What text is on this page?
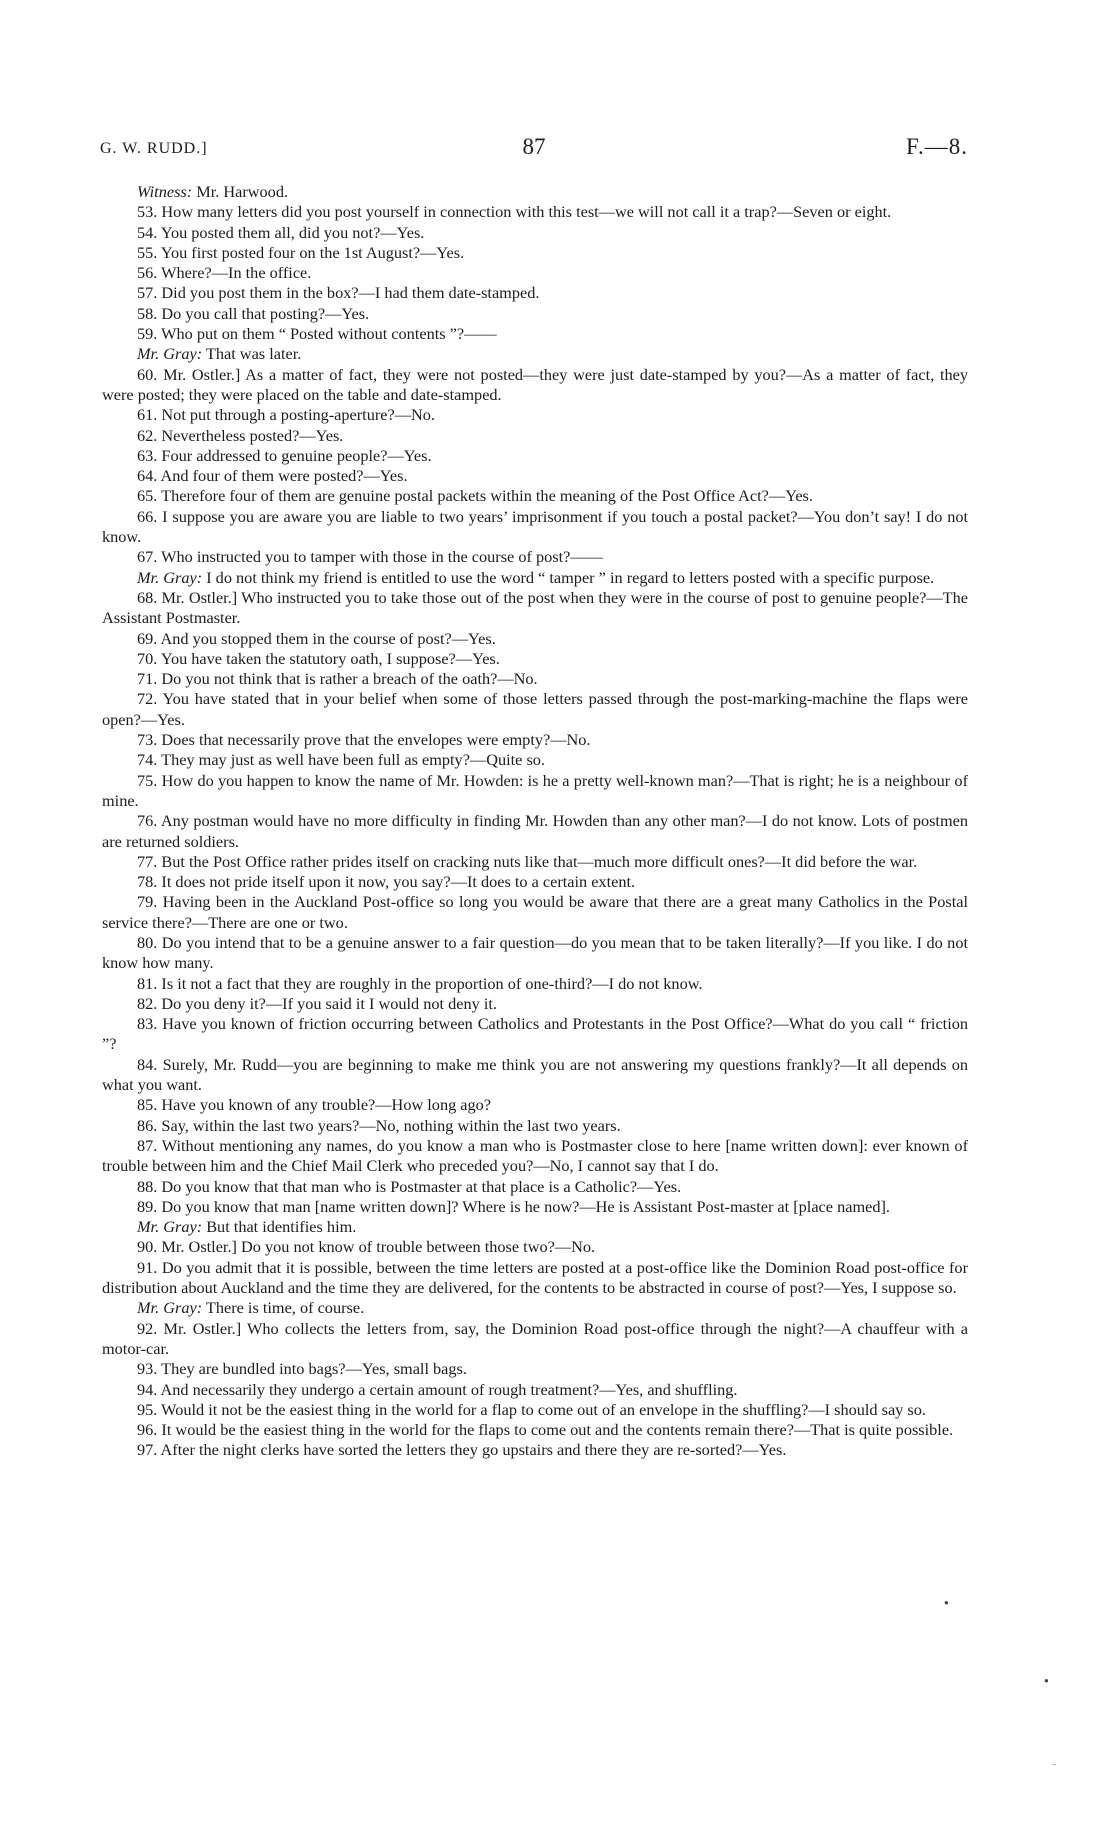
G. W. RUDD.]	87	F.—8.

Witness: Mr. Harwood.

53. How many letters did you post yourself in connection with this test—we will not call it a trap?—Seven or eight.

54. You posted them all, did you not?—Yes.

55. You first posted four on the 1st August?—Yes.

56. Where?—In the office.

57. Did you post them in the box?—I had them date-stamped.

58. Do you call that posting?—Yes.

59. Who put on them “ Posted without contents ”?——

Mr. Gray: That was later.

60. Mr. Ostler.] As a matter of fact, they were not posted—they were just date-stamped by you?—As a matter of fact, they were posted; they were placed on the table and date-stamped.

61. Not put through a posting-aperture?—No.

62. Nevertheless posted?—Yes.

63. Four addressed to genuine people?—Yes.

64. And four of them were posted?—Yes.

65. Therefore four of them are genuine postal packets within the meaning of the Post Office Act?—Yes.

66. I suppose you are aware you are liable to two years’ imprisonment if you touch a postal packet?—You don’t say! I do not know.

67. Who instructed you to tamper with those in the course of post?——

Mr. Gray: I do not think my friend is entitled to use the word “ tamper ” in regard to letters posted with a specific purpose.

68. Mr. Ostler.] Who instructed you to take those out of the post when they were in the course of post to genuine people?—The Assistant Postmaster.

69. And you stopped them in the course of post?—Yes.

70. You have taken the statutory oath, I suppose?—Yes.

71. Do you not think that is rather a breach of the oath?—No.

72. You have stated that in your belief when some of those letters passed through the post-marking-machine the flaps were open?—Yes.

73. Does that necessarily prove that the envelopes were empty?—No.

74. They may just as well have been full as empty?—Quite so.

75. How do you happen to know the name of Mr. Howden: is he a pretty well-known man?—That is right; he is a neighbour of mine.

76. Any postman would have no more difficulty in finding Mr. Howden than any other man?—I do not know. Lots of postmen are returned soldiers.

77. But the Post Office rather prides itself on cracking nuts like that—much more difficult ones?—It did before the war.

78. It does not pride itself upon it now, you say?—It does to a certain extent.

79. Having been in the Auckland Post-office so long you would be aware that there are a great many Catholics in the Postal service there?—There are one or two.

80. Do you intend that to be a genuine answer to a fair question—do you mean that to be taken literally?—If you like. I do not know how many.

81. Is it not a fact that they are roughly in the proportion of one-third?—I do not know.

82. Do you deny it?—If you said it I would not deny it.

83. Have you known of friction occurring between Catholics and Protestants in the Post Office?—What do you call “ friction ”?

84. Surely, Mr. Rudd—you are beginning to make me think you are not answering my questions frankly?—It all depends on what you want.

85. Have you known of any trouble?—How long ago?

86. Say, within the last two years?—No, nothing within the last two years.

87. Without mentioning any names, do you know a man who is Postmaster close to here [name written down]: ever known of trouble between him and the Chief Mail Clerk who preceded you?—No, I cannot say that I do.

88. Do you know that that man who is Postmaster at that place is a Catholic?—Yes.

89. Do you know that man [name written down]? Where is he now?—He is Assistant Post-master at [place named].

Mr. Gray: But that identifies him.

90. Mr. Ostler.] Do you not know of trouble between those two?—No.

91. Do you admit that it is possible, between the time letters are posted at a post-office like the Dominion Road post-office for distribution about Auckland and the time they are delivered, for the contents to be abstracted in course of post?—Yes, I suppose so.

Mr. Gray: There is time, of course.

92. Mr. Ostler.] Who collects the letters from, say, the Dominion Road post-office through the night?—A chauffeur with a motor-car.

93. They are bundled into bags?—Yes, small bags.

94. And necessarily they undergo a certain amount of rough treatment?—Yes, and shuffling.

95. Would it not be the easiest thing in the world for a flap to come out of an envelope in the shuffling?—I should say so.

96. It would be the easiest thing in the world for the flaps to come out and the contents remain there?—That is quite possible.

97. After the night clerks have sorted the letters they go upstairs and there they are re-sorted?—Yes.

●
●
−
